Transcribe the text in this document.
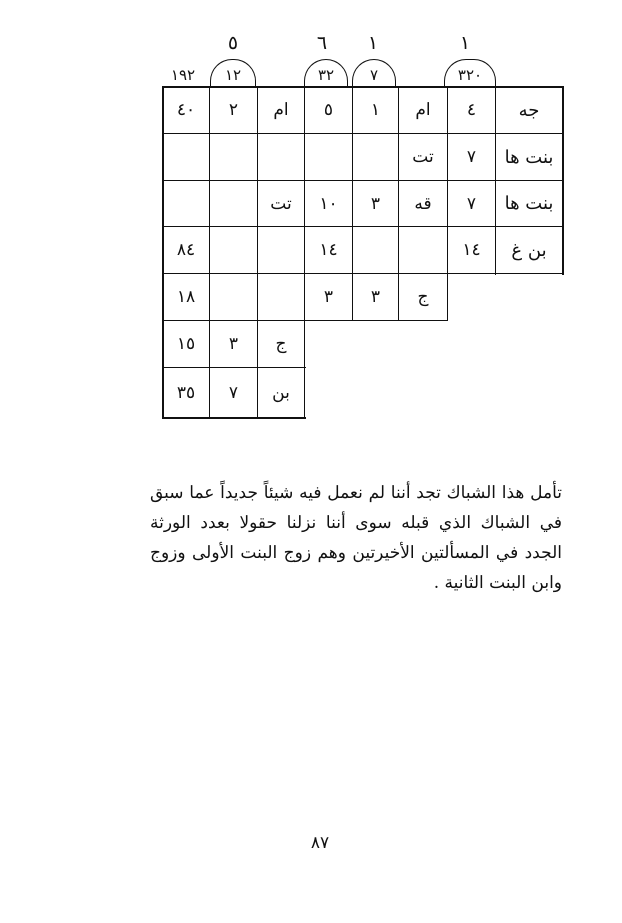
١
١
٦
٥
٣٢٠
٧
٣٢
١٢
١٩٢
جه
٤
ام
١
٥
ام
٢
٤٠
بنت ها
٧
تت
بنت ها
٧
قه
٣
١٠
تت
بن غ
١٤
١٤
٨٤
ج
٣
٣
١٨
ج
٣
١٥
بن
٧
٣٥
تأمل هذا الشباك تجد أننا لم نعمل فيه شيئاً جديداً عما سبق في الشباك الذي قبله سوى أننا نزلنا حقولا بعدد الورثة الجدد في المسألتين الأخيرتين وهم زوج البنت الأولى وزوج وابن البنت الثانية .
٨٧
